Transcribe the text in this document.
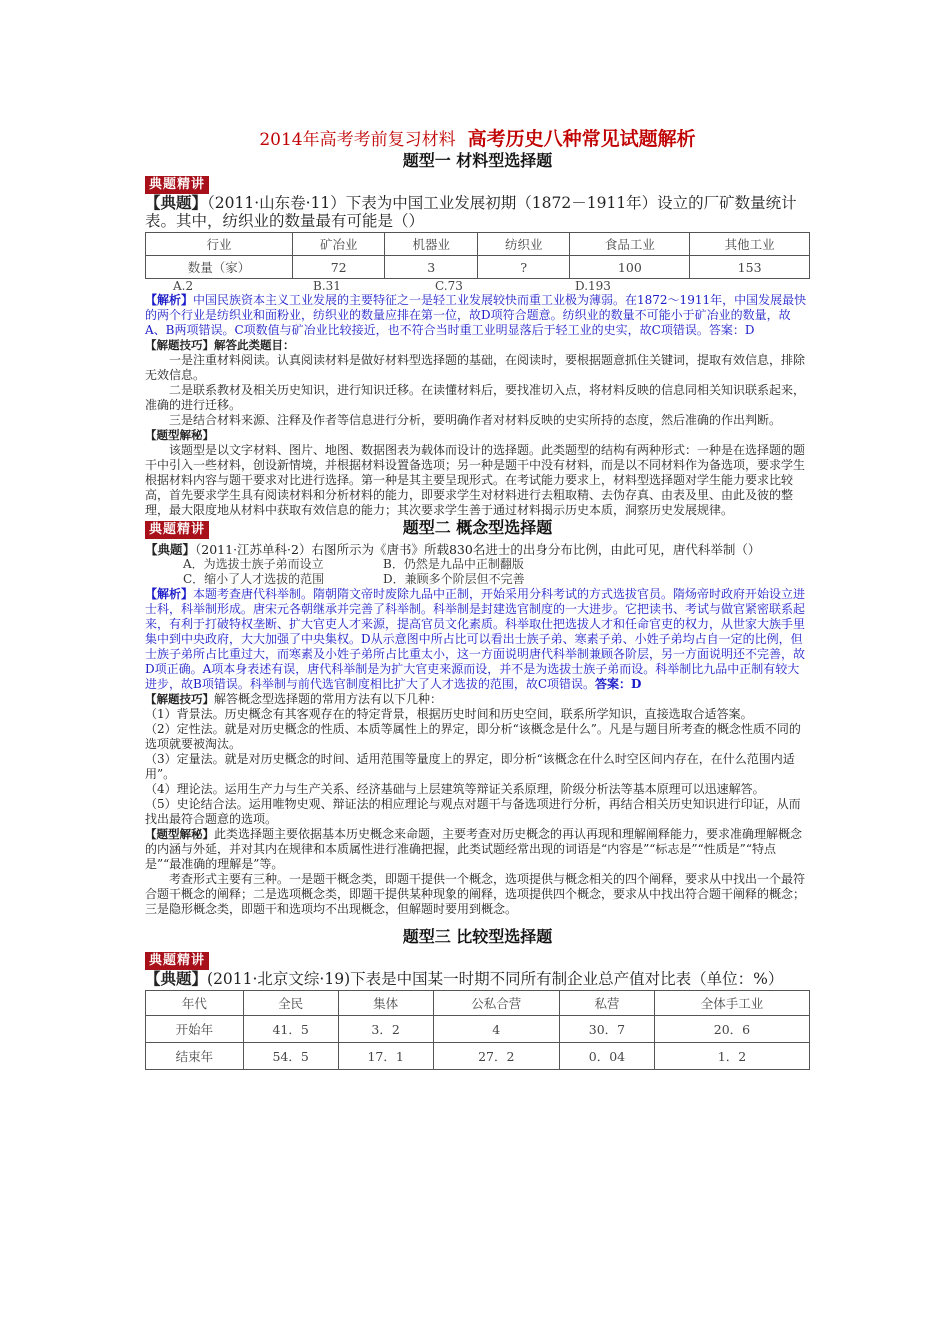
2014年高考考前复习材料 高考历史八种常见试题解析
题型一 材料型选择题
典题精讲
【典题】（2011·山东卷·11）下表为中国工业发展初期（1872－1911年）设立的厂矿数量统计表。其中，纺织业的数量最有可能是（）
行业	矿冶业	机器业	纺织业	食品工业	其他工业
数量（家）	72	3	?	100	153
A.2	B.31	C.73	D.193
【解析】中国民族资本主义工业发展的主要特征之一是轻工业发展较快而重工业极为薄弱。在1872～1911年，中国发展最快的两个行业是纺织业和面粉业，纺织业的数量应排在第一位，故D项符合题意。纺织业的数量不可能小于矿冶业的数量，故A、B两项错误。C项数值与矿冶业比较接近，也不符合当时重工业明显落后于轻工业的史实，故C项错误。答案：D
【解题技巧】解答此类题目：
一是注重材料阅读。认真阅读材料是做好材料型选择题的基础，在阅读时，要根据题意抓住关键词，提取有效信息，排除无效信息。
二是联系教材及相关历史知识，进行知识迁移。在读懂材料后，要找准切入点，将材料反映的信息同相关知识联系起来，准确的进行迁移。
三是结合材料来源、注释及作者等信息进行分析，要明确作者对材料反映的史实所持的态度，然后准确的作出判断。
【题型解秘】
该题型是以文字材料、图片、地图、数据图表为载体而设计的选择题。此类题型的结构有两种形式：一种是在选择题的题干中引入一些材料，创设新情境，并根据材料设置备选项；另一种是题干中没有材料，而是以不同材料作为备选项，要求学生根据材料内容与题干要求对比进行选择。第一种是其主要呈现形式。在考试能力要求上，材料型选择题对学生能力要求比较高，首先要求学生具有阅读材料和分析材料的能力，即要求学生对材料进行去粗取精、去伪存真、由表及里、由此及彼的整理，最大限度地从材料中获取有效信息的能力；其次要求学生善于通过材料揭示历史本质，洞察历史发展规律。
典题精讲	题型二 概念型选择题
【典题】（2011·江苏单科·2）右图所示为《唐书》所载830名进士的出身分布比例，由此可见，唐代科举制（）
A．为选拔士族子弟而设立	B．仍然是九品中正制翻版
C．缩小了人才选拔的范围	D．兼顾多个阶层但不完善
【解析】本题考查唐代科举制。隋朝隋文帝时废除九品中正制，开始采用分科考试的方式选拔官员。隋炀帝时政府开始设立进士科，科举制形成。唐宋元各朝继承并完善了科举制。科举制是封建选官制度的一大进步。它把读书、考试与做官紧密联系起来，有利于打破特权垄断、扩大官吏人才来源，提高官员文化素质。科举取仕把选拔人才和任命官吏的权力，从世家大族手里集中到中央政府，大大加强了中央集权。D从示意图中所占比可以看出士族子弟、寒素子弟、小姓子弟均占自一定的比例，但士族子弟所占比重过大，而寒素及小姓子弟所占比重太小，这一方面说明唐代科举制兼顾各阶层，另一方面说明还不完善，故D项正确。A项本身表述有误，唐代科举制是为扩大官吏来源而设，并不是为选拔士族子弟而设。科举制比九品中正制有较大进步，故B项错误。科举制与前代选官制度相比扩大了人才选拔的范围，故C项错误。答案：D
【解题技巧】解答概念型选择题的常用方法有以下几种：
（1）背景法。历史概念有其客观存在的特定背景，根据历史时间和历史空间，联系所学知识，直接选取合适答案。
（2）定性法。就是对历史概念的性质、本质等属性上的界定，即分析“该概念是什么”。凡是与题目所考查的概念性质不同的选项就要被淘汰。
（3）定量法。就是对历史概念的时间、适用范围等量度上的界定，即分析“该概念在什么时空区间内存在，在什么范围内适用”。
（4）理论法。运用生产力与生产关系、经济基础与上层建筑等辩证关系原理，阶级分析法等基本原理可以迅速解答。
（5）史论结合法。运用唯物史观、辩证法的相应理论与观点对题干与备选项进行分析，再结合相关历史知识进行印证，从而找出最符合题意的选项。
【题型解秘】此类选择题主要依据基本历史概念来命题，主要考查对历史概念的再认再现和理解阐释能力，要求准确理解概念的内涵与外延，并对其内在规律和本质属性进行准确把握，此类试题经常出现的词语是“内容是”“标志是”“性质是”“特点是”“最准确的理解是”等。
考查形式主要有三种。一是题干概念类，即题干提供一个概念，选项提供与概念相关的四个阐释，要求从中找出一个最符合题干概念的阐释；二是选项概念类，即题干提供某种现象的阐释，选项提供四个概念，要求从中找出符合题干阐释的概念；三是隐形概念类，即题干和选项均不出现概念，但解题时要用到概念。
题型三 比较型选择题
典题精讲
【典题】(2011·北京文综·19)下表是中国某一时期不同所有制企业总产值对比表（单位：%）
年代	全民	集体	公私合营	私营	全体手工业
开始年	41．5	3．2	4	30．7	20．6
结束年	54．5	17．1	27．2	0．04	1．2
